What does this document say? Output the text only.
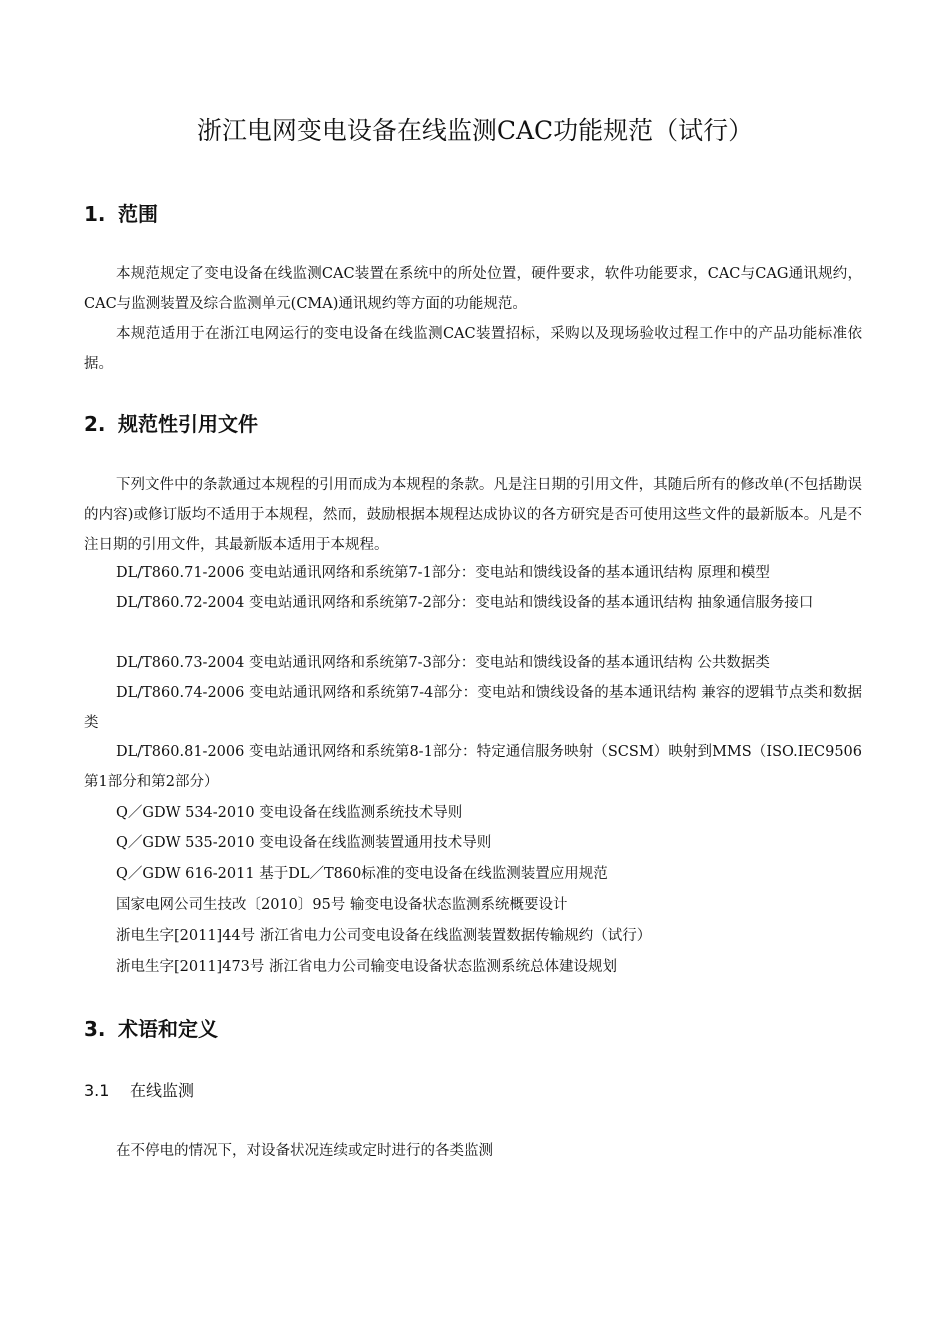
浙江电网变电设备在线监测CAC功能规范（试行）
1. 范围

本规范规定了变电设备在线监测CAC装置在系统中的所处位置，硬件要求，软件功能要求，CAC与CAG通讯规约，CAC与监测装置及综合监测单元(CMA)通讯规约等方面的功能规范。

本规范适用于在浙江电网运行的变电设备在线监测CAC装置招标，采购以及现场验收过程工作中的产品功能标准依据。

2. 规范性引用文件

下列文件中的条款通过本规程的引用而成为本规程的条款。凡是注日期的引用文件，其随后所有的修改单(不包括勘误的内容)或修订版均不适用于本规程，然而，鼓励根据本规程达成协议的各方研究是否可使用这些文件的最新版本。凡是不注日期的引用文件，其最新版本适用于本规程。

DL/T860.71-2006 变电站通讯网络和系统第7-1部分：变电站和馈线设备的基本通讯结构 原理和模型

DL/T860.72-2004 变电站通讯网络和系统第7-2部分：变电站和馈线设备的基本通讯结构 抽象通信服务接口

DL/T860.73-2004 变电站通讯网络和系统第7-3部分：变电站和馈线设备的基本通讯结构 公共数据类

DL/T860.74-2006 变电站通讯网络和系统第7-4部分：变电站和馈线设备的基本通讯结构 兼容的逻辑节点类和数据类

DL/T860.81-2006 变电站通讯网络和系统第8-1部分：特定通信服务映射（SCSM）映射到MMS（ISO.IEC9506第1部分和第2部分）

Q／GDW 534-2010 变电设备在线监测系统技术导则

Q／GDW 535-2010 变电设备在线监测装置通用技术导则

Q／GDW 616-2011 基于DL／T860标准的变电设备在线监测装置应用规范

国家电网公司生技改〔2010〕95号 输变电设备状态监测系统概要设计

浙电生字[2011]44号 浙江省电力公司变电设备在线监测装置数据传输规约（试行）

浙电生字[2011]473号 浙江省电力公司输变电设备状态监测系统总体建设规划

3. 术语和定义
3.1 在线监测

在不停电的情况下，对设备状况连续或定时进行的各类监测
